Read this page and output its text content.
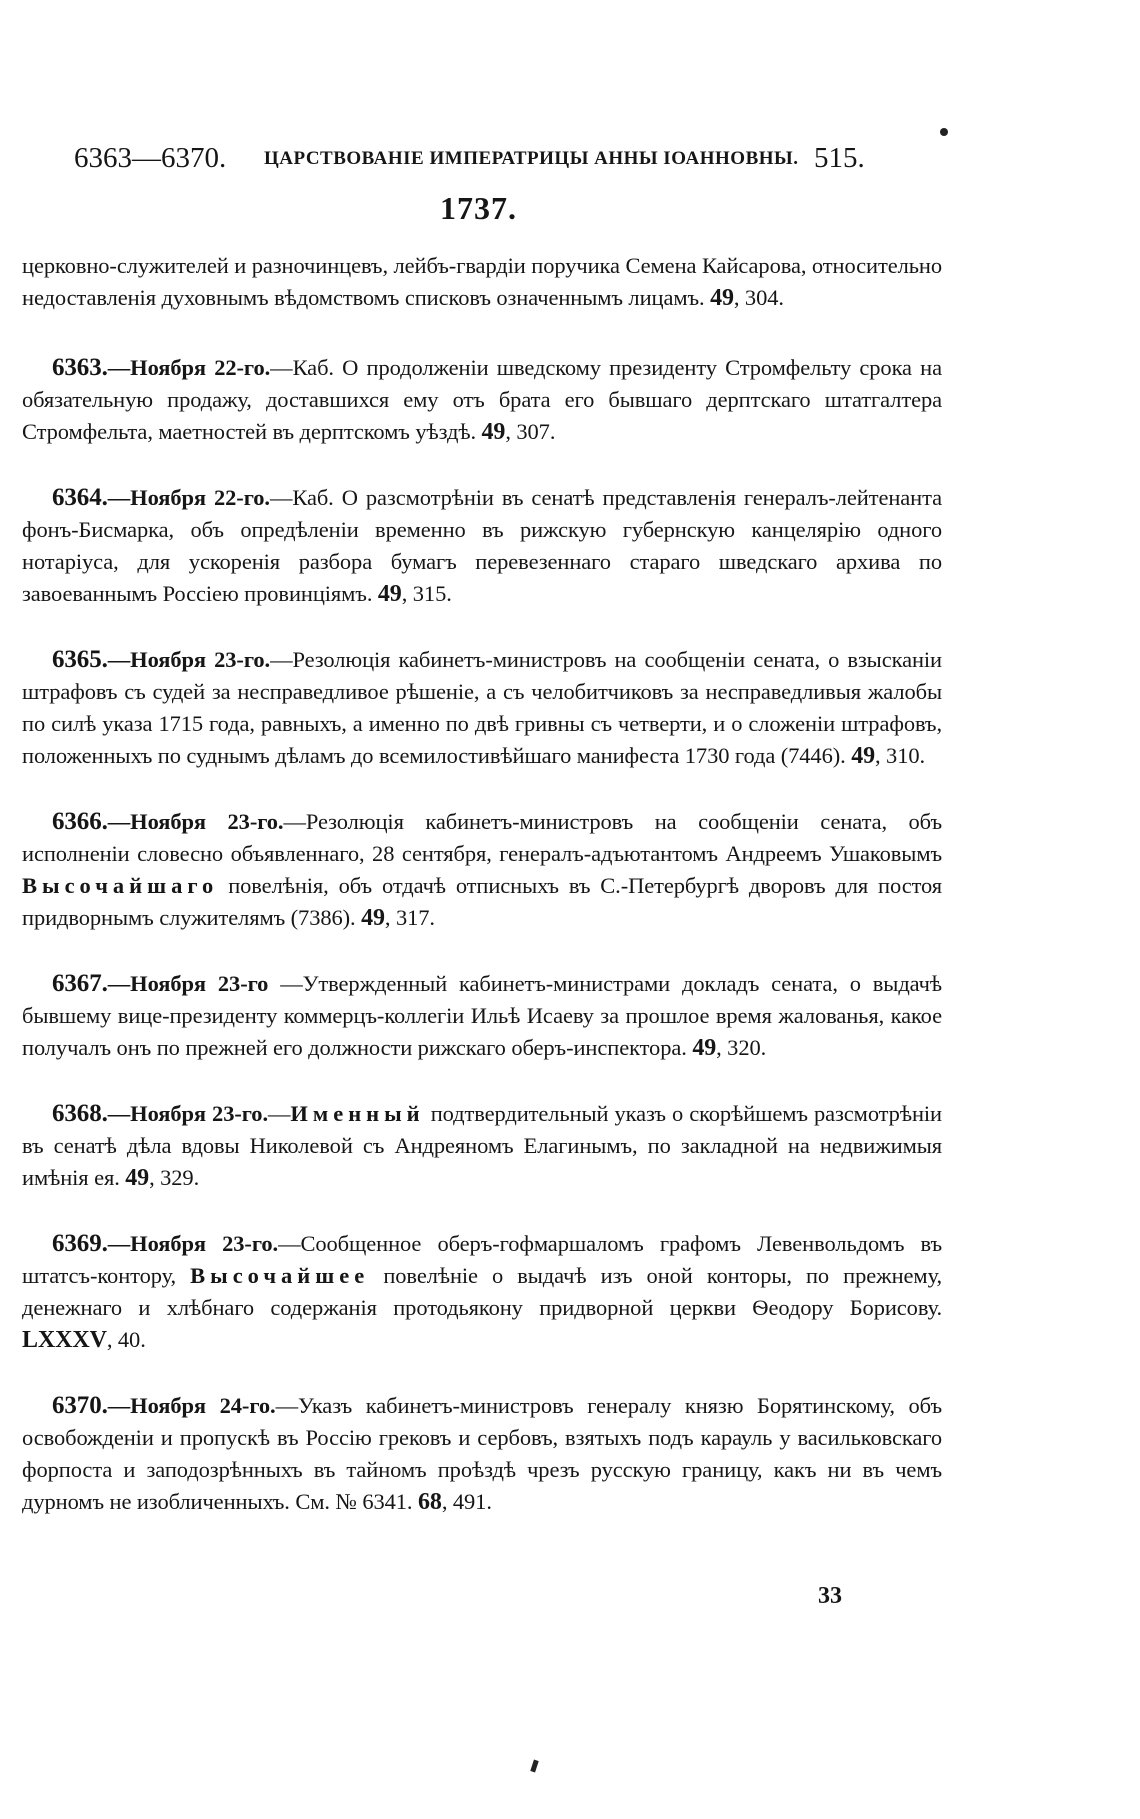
6363—6370. ЦАРСТВОВАНІЕ ИМПЕРАТРИЦЫ АННЫ ІОАННОВНЫ. 515.
1737.

церковно-служителей и разночинцевъ, лейбъ-гвардіи поручика Семена Кайсарова, относительно недоставленія духовнымъ вѣдомствомъ списковъ означеннымъ лицамъ. 49, 304.

6363.—Ноября 22-го.—Каб. О продолженіи шведскому президенту Стромфельту срока на обязательную продажу, доставшихся ему отъ брата его бывшаго дерптскаго штатгалтера Стромфельта, маетностей въ дерптскомъ уѣздѣ. 49, 307.

6364.—Ноября 22-го.—Каб. О разсмотрѣніи въ сенатѣ представленія генералъ-лейтенанта фонъ-Бисмарка, объ опредѣленіи временно въ рижскую губернскую канцелярію одного нотаріуса, для ускоренія разбора бумагъ перевезеннаго стараго шведскаго архива по завоеваннымъ Россіею провинціямъ. 49, 315.

6365.—Ноября 23-го.—Резолюція кабинетъ-министровъ на сообщеніи сената, о взысканіи штрафовъ съ судей за несправедливое рѣшеніе, а съ челобитчиковъ за несправедливыя жалобы по силѣ указа 1715 года, равныхъ, а именно по двѣ гривны съ четверти, и о сложеніи штрафовъ, положенныхъ по суднымъ дѣламъ до всемилостивѣйшаго манифеста 1730 года (7446). 49, 310.

6366.—Ноября 23-го.—Резолюція кабинетъ-министровъ на сообщеніи сената, объ исполненіи словесно объявленнаго, 28 сентября, генералъ-адъютантомъ Андреемъ Ушаковымъ Высочайшаго повелѣнія, объ отдачѣ отписныхъ въ С.-Петербургѣ дворовъ для постоя придворнымъ служителямъ (7386). 49, 317.

6367.—Ноября 23-го —Утвержденный кабинетъ-министрами докладъ сената, о выдачѣ бывшему вице-президенту коммерцъ-коллегіи Ильѣ Исаеву за прошлое время жалованья, какое получалъ онъ по прежней его должности рижскаго оберъ-инспектора. 49, 320.

6368.—Ноября 23-го.—Именный подтвердительный указъ о скорѣйшемъ разсмотрѣніи въ сенатѣ дѣла вдовы Николевой съ Андреяномъ Елагинымъ, по закладной на недвижимыя имѣнія ея. 49, 329.

6369.—Ноября 23-го.—Сообщенное оберъ-гофмаршаломъ графомъ Левенвольдомъ въ штатсъ-контору, Высочайшее повелѣніе о выдачѣ изъ оной конторы, по прежнему, денежнаго и хлѣбнаго содержанія протодьякону придворной церкви Ѳеодору Борисову. LXXXV, 40.

6370.—Ноября 24-го.—Указъ кабинетъ-министровъ генералу князю Борятинскому, объ освобожденіи и пропускѣ въ Россію грековъ и сербовъ, взятыхъ подъ карауль у васильковскаго форпоста и заподозрѣнныхъ въ тайномъ проѣздѣ чрезъ русскую границу, какъ ни въ чемъ дурномъ не изобличенныхъ. См. № 6341. 68, 491.

33
